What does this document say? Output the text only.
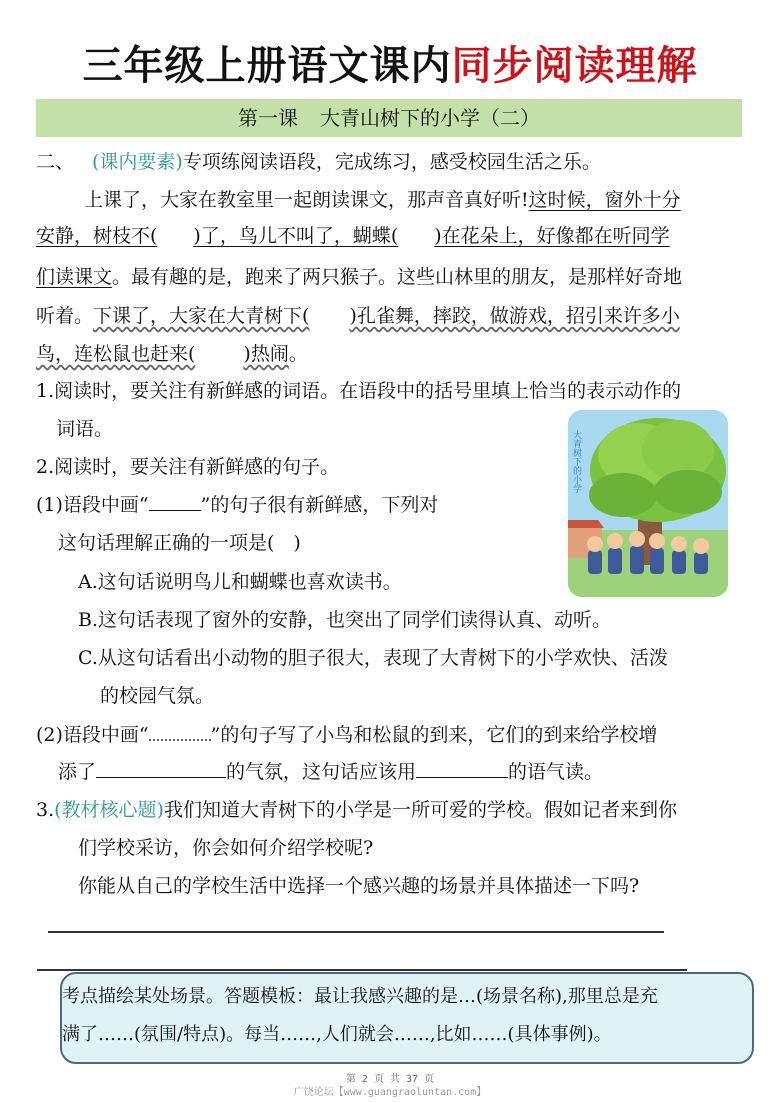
三年级上册语文课内同步阅读理解
第一课 大青山树下的小学（二）
二、 (课内要素)专项练阅读语段，完成练习，感受校园生活之乐。
上课了，大家在教室里一起朗读课文，那声音真好听!这时候，窗外十分
安静，树枝不( )了，鸟儿不叫了，蝴蝶( )在花朵上，好像都在听同学
们读课文。最有趣的是，跑来了两只猴子。这些山林里的朋友，是那样好奇地
听着。下课了，大家在大青树下( )孔雀舞，摔跤，做游戏，招引来许多小
鸟，连松鼠也赶来(	)热闹。
1.阅读时，要关注有新鲜感的词语。在语段中的括号里填上恰当的表示动作的
词语。
2.阅读时，要关注有新鲜感的句子。
(1)语段中画“	”的句子很有新鲜感，下列对
这句话理解正确的一项是(　)
A.这句话说明鸟儿和蝴蝶也喜欢读书。
B.这句话表现了窗外的安静，也突出了同学们读得认真、动听。
C.从这句话看出小动物的胆子很大，表现了大青树下的小学欢快、活泼
的校园气氛。
(2)语段中画“	”的句子写了小鸟和松鼠的到来，它们的到来给学校增
添了	的气氛，这句话应该用	的语气读。
3.(教材核心题)我们知道大青树下的小学是一所可爱的学校。假如记者来到你
们学校采访，你会如何介绍学校呢?
你能从自己的学校生活中选择一个感兴趣的场景并具体描述一下吗?
大青树下的小学
考点描绘某处场景。答题模板：最让我感兴趣的是…(场景名称),那里总是充
满了……(氛围/特点)。每当……,人们就会……,比如……(具体事例)。
第 2 页 共 37 页
广饶论坛【www.guangraoluntan.com】
